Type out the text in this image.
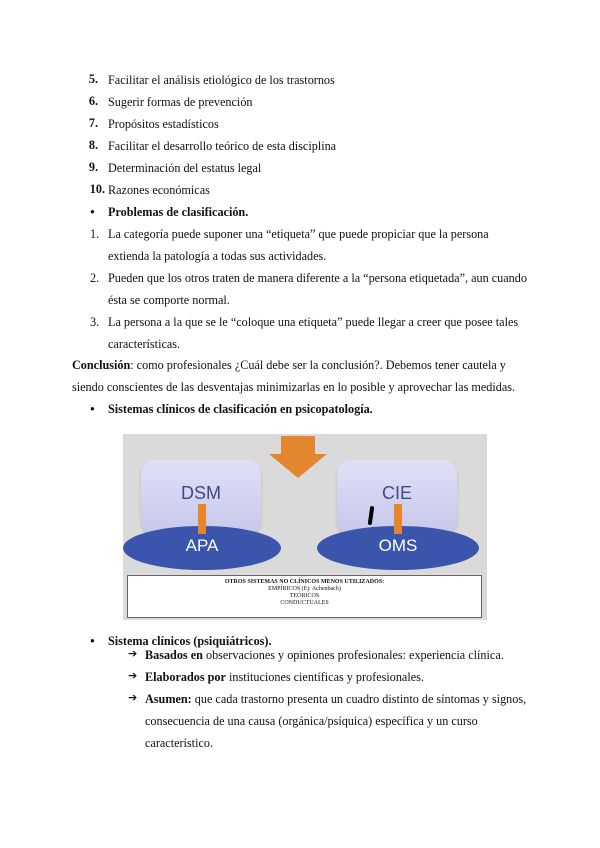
5. Facilitar el análisis etiológico de los trastornos
6. Sugerir formas de prevención
7. Propósitos estadísticos
8. Facilitar el desarrollo teórico de esta disciplina
9. Determinación del estatus legal
10. Razones económicas
● Problemas de clasificación.
1. La categoría puede suponer una “etiqueta” que puede propiciar que la persona
extienda la patología a todas sus actividades.
2. Pueden que los otros traten de manera diferente a la “persona etiquetada”, aun cuando
ésta se comporte normal.
3. La persona a la que se le “coloque una etiqueta” puede llegar a creer que posee tales
características.
Conclusión: como profesionales ¿Cuál debe ser la conclusión?. Debemos tener cautela y
siendo conscientes de las desventajas minimizarlas en lo posible y aprovechar las medidas.
● Sistemas clínicos de clasificación en psicopatología.
DSM
APA
CIE
OMS
OTROS SISTEMAS NO CLÍNICOS MENOS UTILIZADOS:
EMPÍRICOS (Ej: Achenbach)
TEÓRICOS
CONDUCTUALES
● Sistema clínicos (psiquiátricos).
➔ Basados en observaciones y opiniones profesionales: experiencia clínica.
➔ Elaborados por instituciones científicas y profesionales.
➔ Asumen: que cada trastorno presenta un cuadro distinto de síntomas y signos,
consecuencia de una causa (orgánica/psíquica) específica y un curso
característico.
